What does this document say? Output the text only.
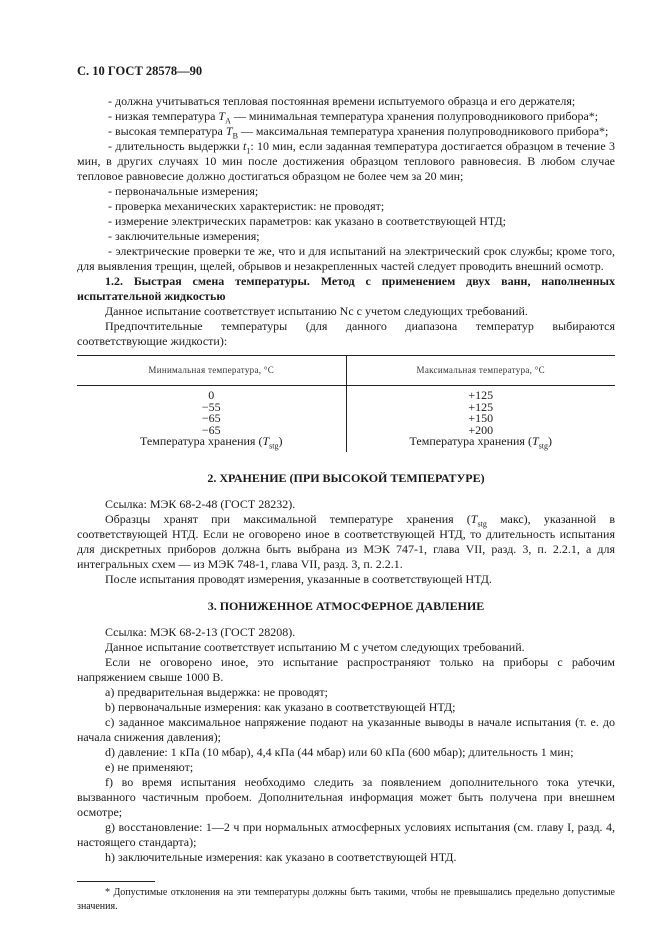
С. 10 ГОСТ 28578—90

- должна учитываться тепловая постоянная времени испытуемого образца и его держателя;

- низкая температура $T_A$ — минимальная температура хранения полупроводникового прибора*;

- высокая температура $T_B$ — максимальная температура хранения полупроводникового прибора*;

- длительность выдержки $t_1$: 10 мин, если заданная температура достигается образцом в течение 3 мин, в других случаях 10 мин после достижения образцом теплового равновесия. В любом случае тепловое равновесие должно достигаться образцом не более чем за 20 мин;

- первоначальные измерения;

- проверка механических характеристик: не проводят;

- измерение электрических параметров: как указано в соответствующей НТД;

- заключительные измерения;

- электрические проверки те же, что и для испытаний на электрический срок службы; кроме того, для выявления трещин, щелей, обрывов и незакрепленных частей следует проводить внешний осмотр.

1.2. Быстрая смена температуры. Метод с применением двух ванн, наполненных испытательной жидкостью

Данное испытание соответствует испытанию Nc с учетом следующих требований.

Предпочтительные температуры (для данного диапазона температур выбираются соответствующие жидкости):

Минимальная температура, °С	Максимальная температура, °С
0	+125
−55	+125
−65	+150
−65	+200
Температура хранения $(T_{stg})$	Температура хранения $(T_{stg})$

2. ХРАНЕНИЕ (ПРИ ВЫСОКОЙ ТЕМПЕРАТУРЕ)

Ссылка: МЭК 68-2-48 (ГОСТ 28232).

Образцы хранят при максимальной температуре хранения ($T_{stg}$ макс), указанной в соответствующей НТД. Если не оговорено иное в соответствующей НТД, то длительность испытания для дискретных приборов должна быть выбрана из МЭК 747-1, глава VII, разд. 3, п. 2.2.1, а для интегральных схем — из МЭК 748-1, глава VII, разд. 3, п. 2.2.1.

После испытания проводят измерения, указанные в соответствующей НТД.

3. ПОНИЖЕННОЕ АТМОСФЕРНОЕ ДАВЛЕНИЕ

Ссылка: МЭК 68-2-13 (ГОСТ 28208).

Данное испытание соответствует испытанию М с учетом следующих требований.

Если не оговорено иное, это испытание распространяют только на приборы с рабочим напряжением свыше 1000 В.

а) предварительная выдержка: не проводят;

b) первоначальные измерения: как указано в соответствующей НТД;

c) заданное максимальное напряжение подают на указанные выводы в начале испытания (т. е. до начала снижения давления);

d) давление: 1 кПа (10 мбар), 4,4 кПа (44 мбар) или 60 кПа (600 мбар); длительность 1 мин;

e) не применяют;

f) во время испытания необходимо следить за появлением дополнительного тока утечки, вызванного частичным пробоем. Дополнительная информация может быть получена при внешнем осмотре;

g) восстановление: 1—2 ч при нормальных атмосферных условиях испытания (см. главу I, разд. 4, настоящего стандарта);

h) заключительные измерения: как указано в соответствующей НТД.

* Допустимые отклонения на эти температуры должны быть такими, чтобы не превышались предельно допустимые значения.
